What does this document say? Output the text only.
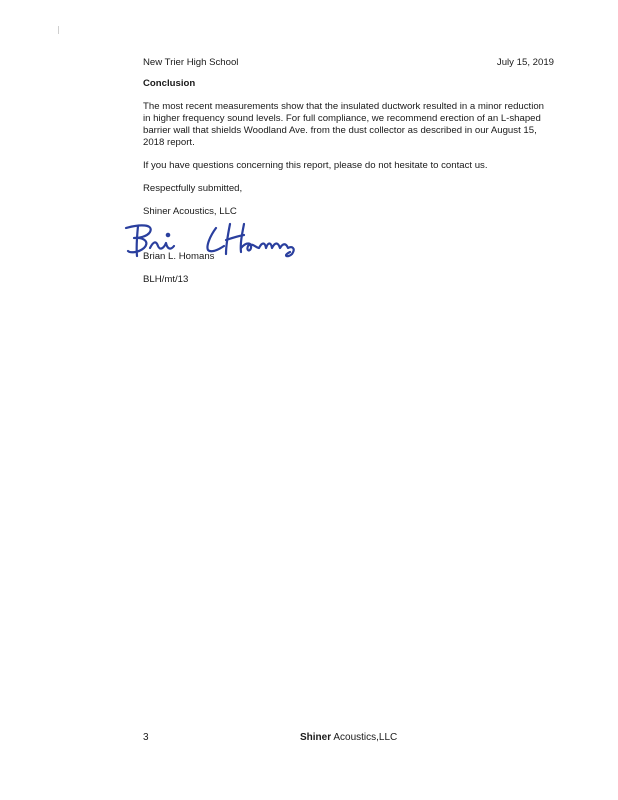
New Trier High School	July 15, 2019
Conclusion
The most recent measurements show that the insulated ductwork resulted in a minor reduction
in higher frequency sound levels. For full compliance, we recommend erection of an L-shaped
barrier wall that shields Woodland Ave. from the dust collector as described in our August 15,
2018 report.
If you have questions concerning this report, please do not hesitate to contact us.
Respectfully submitted,
Shiner Acoustics, LLC
Brian L. Homans
BLH/mt/13
3	Shiner Acoustics,LLC
